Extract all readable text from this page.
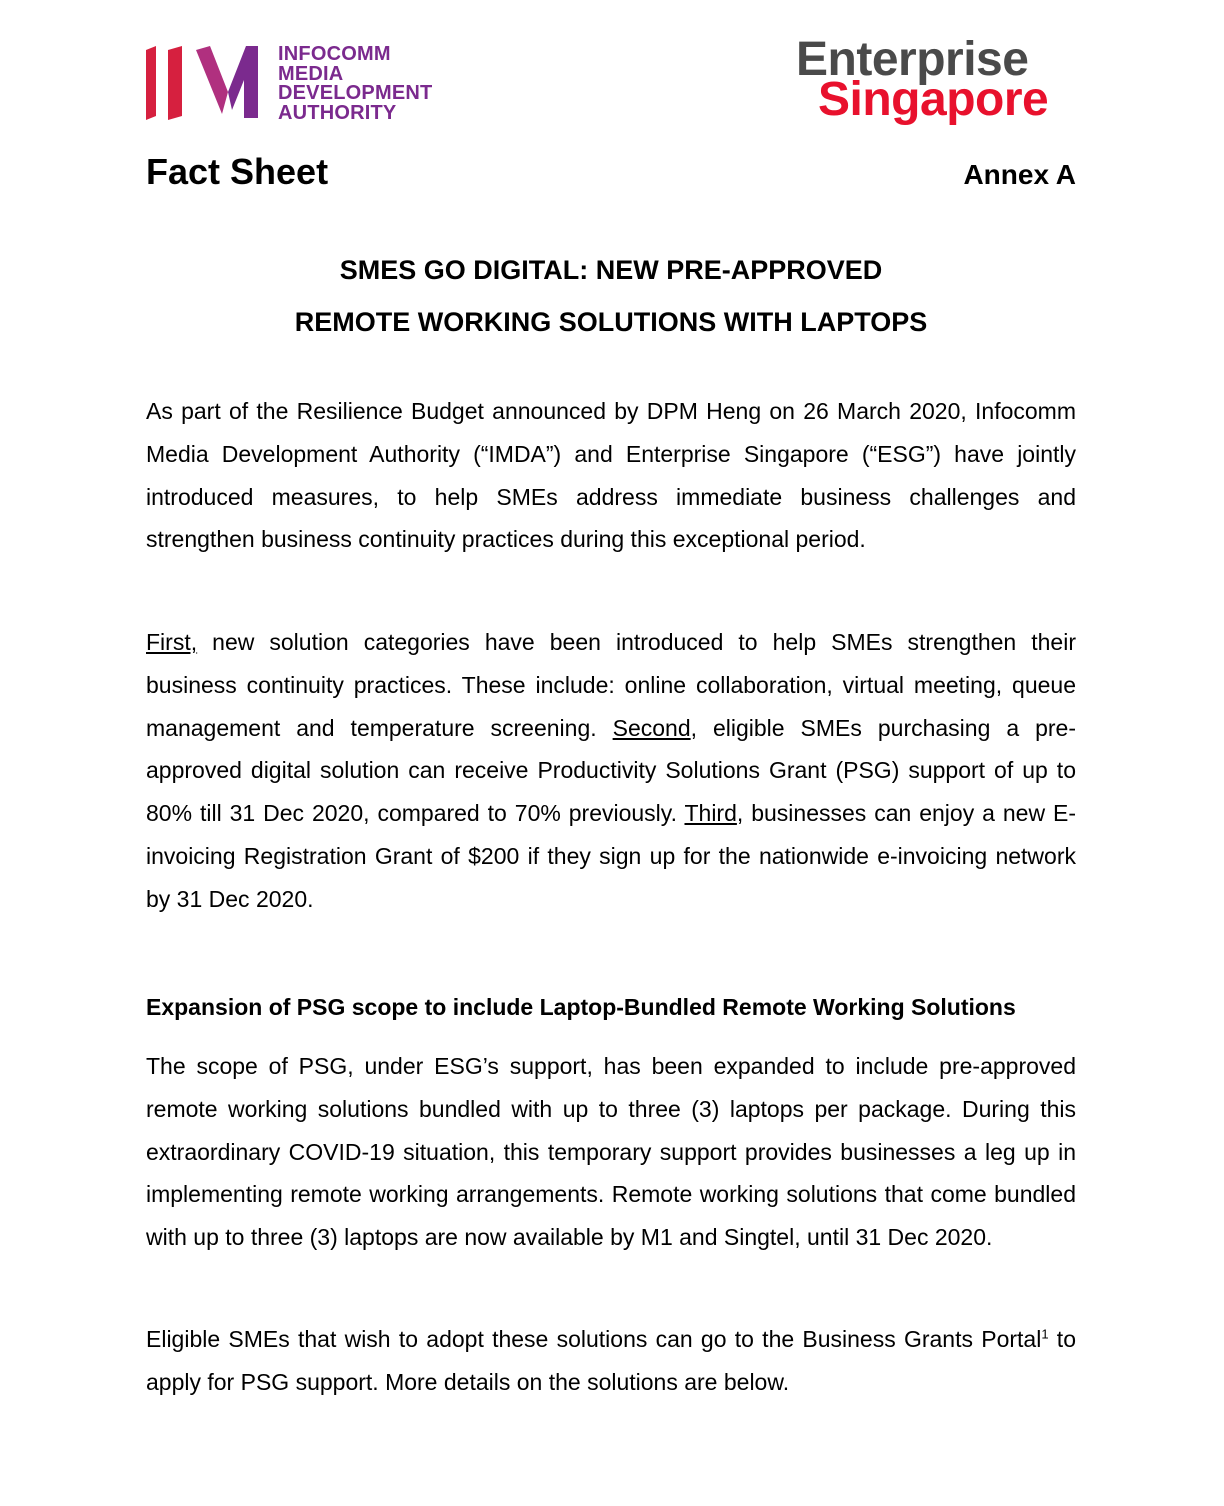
INFOCOMM
MEDIA
DEVELOPMENT
AUTHORITY
Enterprise
Singapore
Fact Sheet	Annex A
SMES GO DIGITAL: NEW PRE-APPROVED
REMOTE WORKING SOLUTIONS WITH LAPTOPS
As part of the Resilience Budget announced by DPM Heng on 26 March 2020, Infocomm Media Development Authority (“IMDA”) and Enterprise Singapore (“ESG”) have jointly introduced measures, to help SMEs address immediate business challenges and strengthen business continuity practices during this exceptional period.
First, new solution categories have been introduced to help SMEs strengthen their business continuity practices. These include: online collaboration, virtual meeting, queue management and temperature screening. Second, eligible SMEs purchasing a pre-approved digital solution can receive Productivity Solutions Grant (PSG) support of up to 80% till 31 Dec 2020, compared to 70% previously. Third, businesses can enjoy a new E-invoicing Registration Grant of $200 if they sign up for the nationwide e-invoicing network by 31 Dec 2020.
Expansion of PSG scope to include Laptop-Bundled Remote Working Solutions
The scope of PSG, under ESG’s support, has been expanded to include pre-approved remote working solutions bundled with up to three (3) laptops per package. During this extraordinary COVID-19 situation, this temporary support provides businesses a leg up in implementing remote working arrangements. Remote working solutions that come bundled with up to three (3) laptops are now available by M1 and Singtel, until 31 Dec 2020.
Eligible SMEs that wish to adopt these solutions can go to the Business Grants Portal$^1$ to apply for PSG support. More details on the solutions are below.
